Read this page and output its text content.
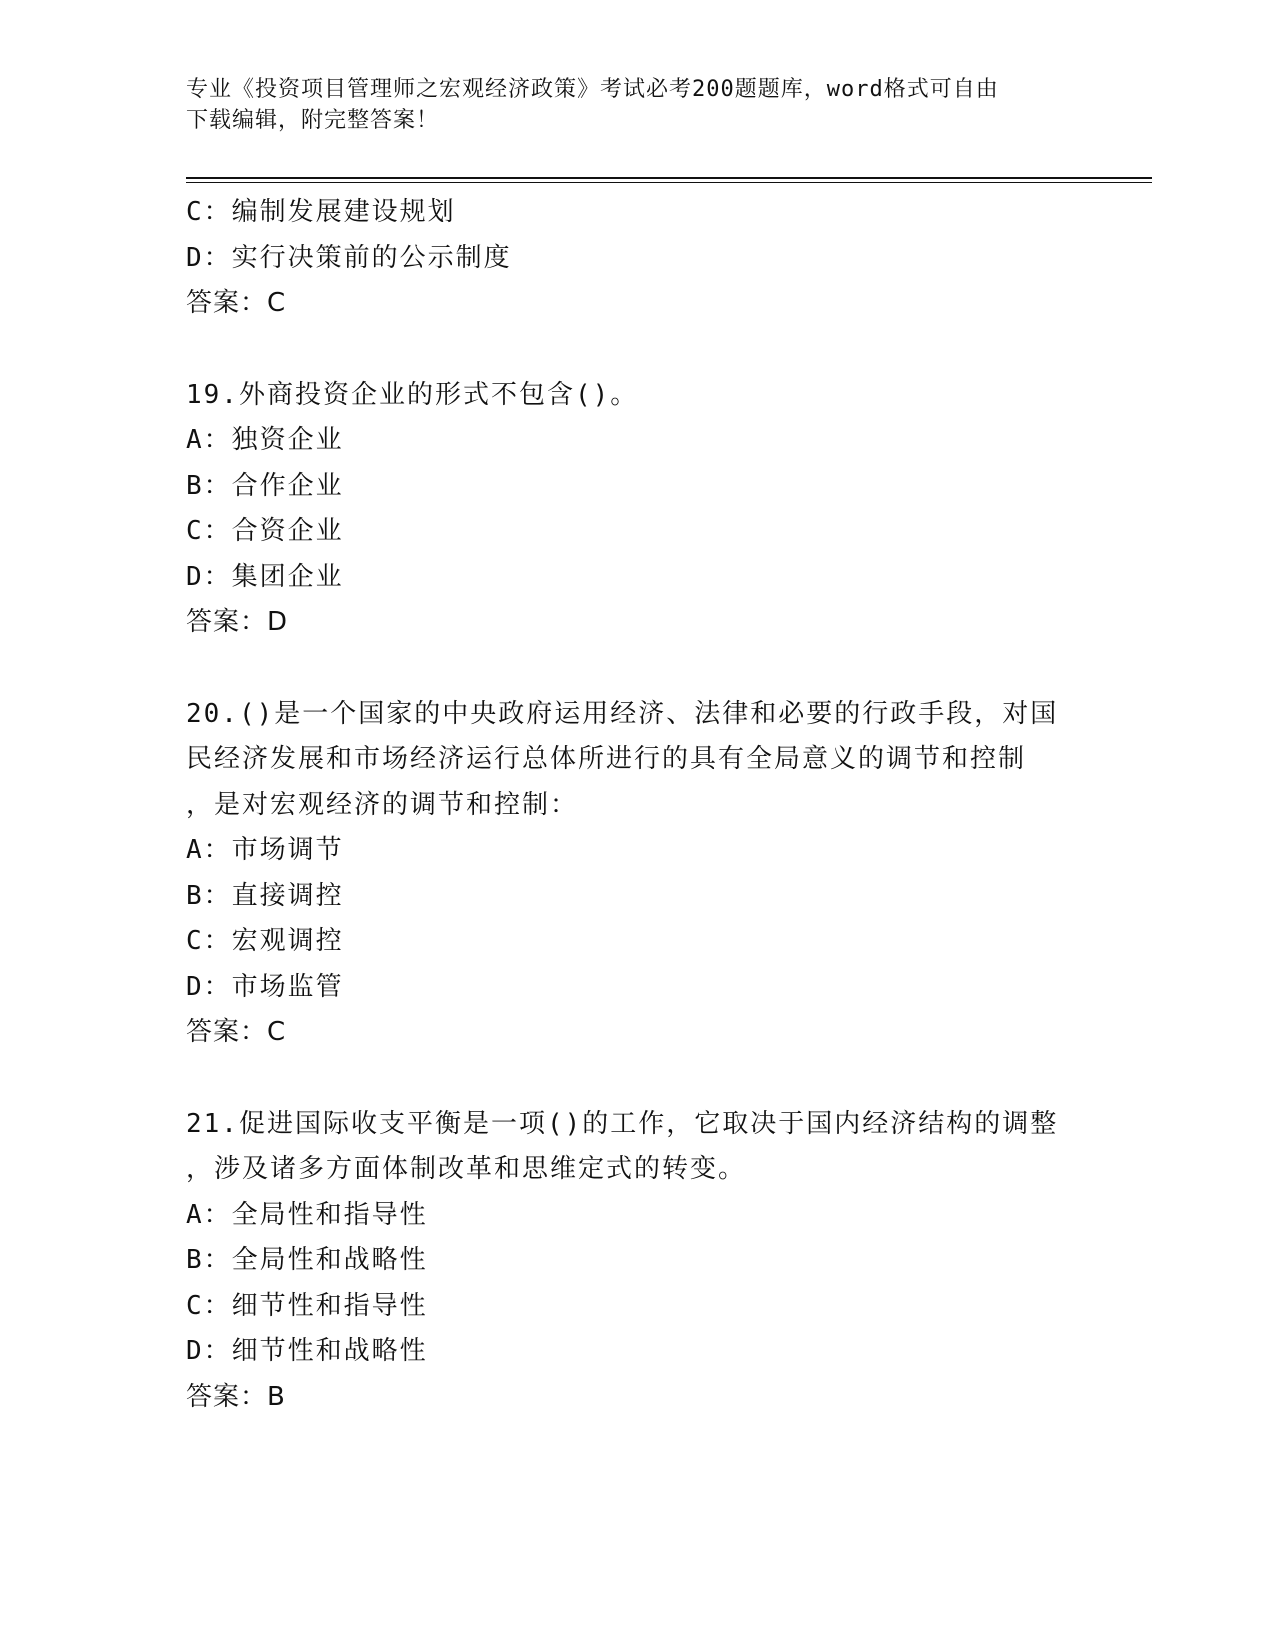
专业《投资项目管理师之宏观经济政策》考试必考200题题库，word格式可自由
下载编辑，附完整答案！
C：编制发展建设规划
D：实行决策前的公示制度
答案：C
19.外商投资企业的形式不包含()。
A：独资企业
B：合作企业
C：合资企业
D：集团企业
答案：D
20.()是一个国家的中央政府运用经济、法律和必要的行政手段，对国
民经济发展和市场经济运行总体所进行的具有全局意义的调节和控制
，是对宏观经济的调节和控制：
A：市场调节
B：直接调控
C：宏观调控
D：市场监管
答案：C
21.促进国际收支平衡是一项()的工作，它取决于国内经济结构的调整
，涉及诸多方面体制改革和思维定式的转变。
A：全局性和指导性
B：全局性和战略性
C：细节性和指导性
D：细节性和战略性
答案：B
